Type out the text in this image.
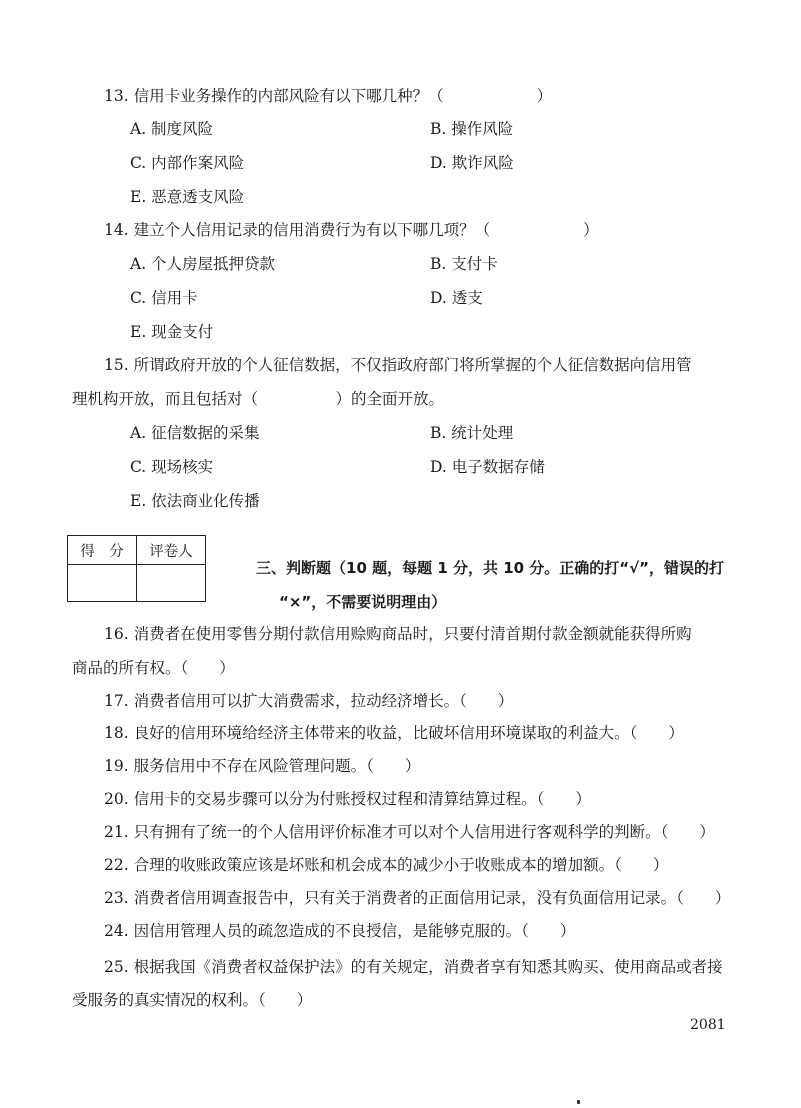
13. 信用卡业务操作的内部风险有以下哪几种？（　　　　　　）
A. 制度风险	B. 操作风险
C. 内部作案风险	D. 欺诈风险
E. 恶意透支风险
14. 建立个人信用记录的信用消费行为有以下哪几项？（　　　　　　）
A. 个人房屋抵押贷款	B. 支付卡
C. 信用卡	D. 透支
E. 现金支付
15. 所谓政府开放的个人征信数据，不仅指政府部门将所掌握的个人征信数据向信用管
理机构开放，而且包括对（　　　　　）的全面开放。
A. 征信数据的采集	B. 统计处理
C. 现场核实	D. 电子数据存储
E. 依法商业化传播
得　分	评卷人

三、判断题（10 题，每题 1 分，共 10 分。正确的打“√”，错误的打
“×”，不需要说明理由）
16. 消费者在使用零售分期付款信用赊购商品时，只要付清首期付款金额就能获得所购
商品的所有权。（　　）
17. 消费者信用可以扩大消费需求，拉动经济增长。（　　）
18. 良好的信用环境给经济主体带来的收益，比破坏信用环境谋取的利益大。（　　）
19. 服务信用中不存在风险管理问题。（　　）
20. 信用卡的交易步骤可以分为付账授权过程和清算结算过程。（　　）
21. 只有拥有了统一的个人信用评价标准才可以对个人信用进行客观科学的判断。（　　）
22. 合理的收账政策应该是坏账和机会成本的减少小于收账成本的增加额。（　　）
23. 消费者信用调查报告中，只有关于消费者的正面信用记录，没有负面信用记录。（　　）
24. 因信用管理人员的疏忽造成的不良授信，是能够克服的。（　　）
25. 根据我国《消费者权益保护法》的有关规定，消费者享有知悉其购买、使用商品或者接
受服务的真实情况的权利。（　　）
2081
